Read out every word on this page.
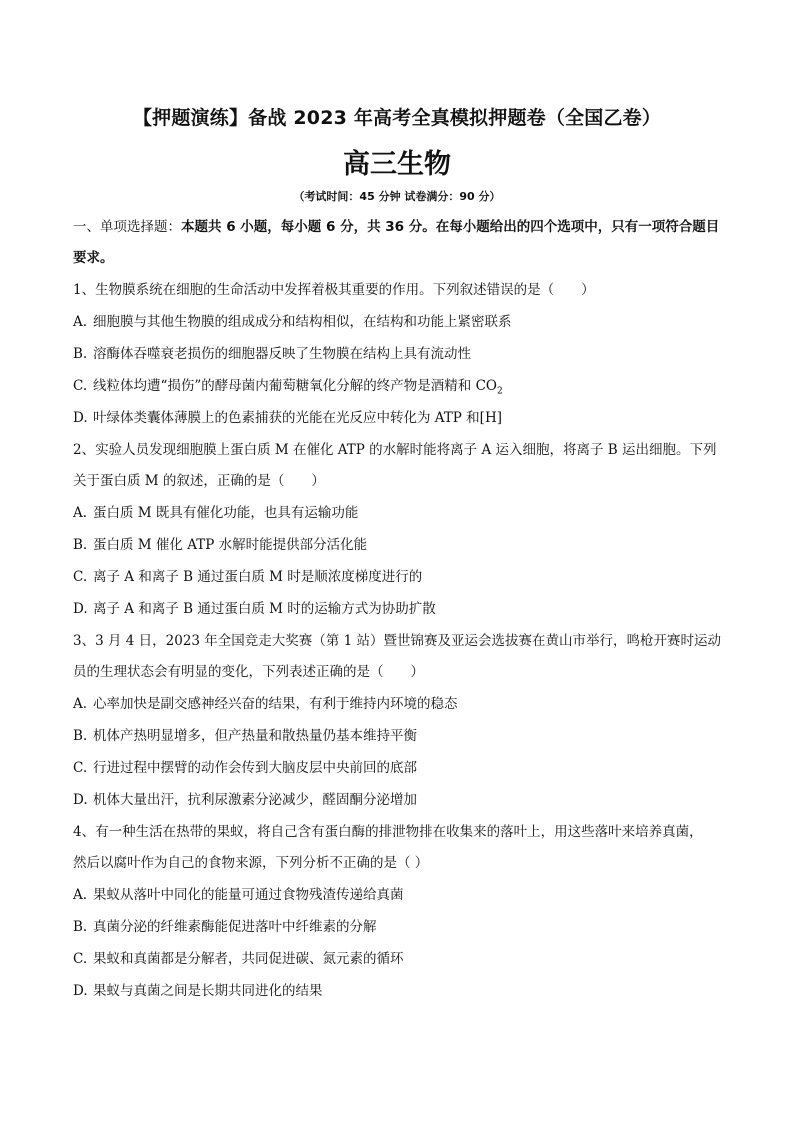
【押题演练】备战 2023 年高考全真模拟押题卷（全国乙卷）
高三生物
（考试时间：45 分钟 试卷满分：90 分）
一、单项选择题：本题共 6 小题，每小题 6 分，共 36 分。在每小题给出的四个选项中，只有一项符合题目
要求。
1、生物膜系统在细胞的生命活动中发挥着极其重要的作用。下列叙述错误的是（　　）
A. 细胞膜与其他生物膜的组成成分和结构相似，在结构和功能上紧密联系
B. 溶酶体吞噬衰老损伤的细胞器反映了生物膜在结构上具有流动性
C. 线粒体均遭“损伤”的酵母菌内葡萄糖氧化分解的终产物是酒精和 $CO_2$
D. 叶绿体类囊体薄膜上的色素捕获的光能在光反应中转化为 ATP 和[H]
2、实验人员发现细胞膜上蛋白质 M 在催化 ATP 的水解时能将离子 A 运入细胞，将离子 B 运出细胞。下列
关于蛋白质 M 的叙述，正确的是（　　）
A. 蛋白质 M 既具有催化功能，也具有运输功能
B. 蛋白质 M 催化 ATP 水解时能提供部分活化能
C. 离子 A 和离子 B 通过蛋白质 M 时是顺浓度梯度进行的
D. 离子 A 和离子 B 通过蛋白质 M 时的运输方式为协助扩散
3、3 月 4 日，2023 年全国竞走大奖赛（第 1 站）暨世锦赛及亚运会选拔赛在黄山市举行，鸣枪开赛时运动
员的生理状态会有明显的变化，下列表述正确的是（　　）
A. 心率加快是副交感神经兴奋的结果，有利于维持内环境的稳态
B. 机体产热明显增多，但产热量和散热量仍基本维持平衡
C. 行进过程中摆臂的动作会传到大脑皮层中央前回的底部
D. 机体大量出汗，抗利尿激素分泌减少，醛固酮分泌增加
4、有一种生活在热带的果蚁，将自己含有蛋白酶的排泄物排在收集来的落叶上，用这些落叶来培养真菌，
然后以腐叶作为自己的食物来源，下列分析不正确的是（ ）
A. 果蚁从落叶中同化的能量可通过食物残渣传递给真菌
B. 真菌分泌的纤维素酶能促进落叶中纤维素的分解
C. 果蚁和真菌都是分解者，共同促进碳、氮元素的循环
D. 果蚁与真菌之间是长期共同进化的结果
